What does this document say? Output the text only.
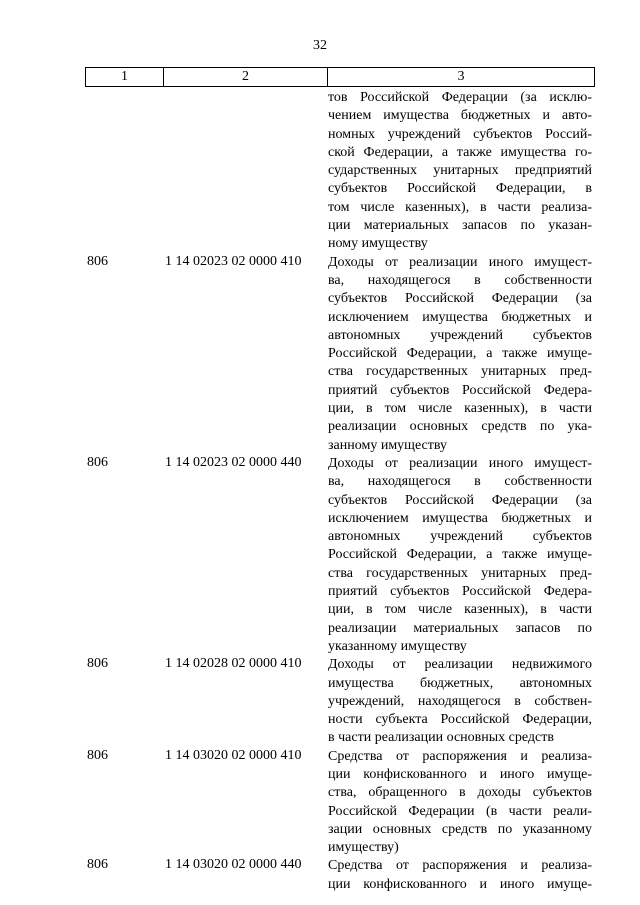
32
1	2	3
тов Российской Федерации (за исклю-
чением имущества бюджетных и авто-
номных учреждений субъектов Россий-
ской Федерации, а также имущества го-
сударственных унитарных предприятий
субъектов Российской Федерации, в
том числе казенных), в части реализа-
ции материальных запасов по указан-
ному имуществу
806	1 14 02023 02 0000 410 Доходы от реализации иного имущест-
ва, находящегося в собственности
субъектов Российской Федерации (за
исключением имущества бюджетных и
автономных учреждений субъектов
Российской Федерации, а также имуще-
ства государственных унитарных пред-
приятий субъектов Российской Федера-
ции, в том числе казенных), в части
реализации основных средств по ука-
занному имуществу
806	1 14 02023 02 0000 440 Доходы от реализации иного имущест-
ва, находящегося в собственности
субъектов Российской Федерации (за
исключением имущества бюджетных и
автономных учреждений субъектов
Российской Федерации, а также имуще-
ства государственных унитарных пред-
приятий субъектов Российской Федера-
ции, в том числе казенных), в части
реализации материальных запасов по
указанному имуществу
806	1 14 02028 02 0000 410 Доходы от реализации недвижимого
имущества бюджетных, автономных
учреждений, находящегося в собствен-
ности субъекта Российской Федерации,
в части реализации основных средств
806	1 14 03020 02 0000 410 Средства от распоряжения и реализа-
ции конфискованного и иного имуще-
ства, обращенного в доходы субъектов
Российской Федерации (в части реали-
зации основных средств по указанному
имуществу)
806	1 14 03020 02 0000 440 Средства от распоряжения и реализа-
ции конфискованного и иного имуще-
